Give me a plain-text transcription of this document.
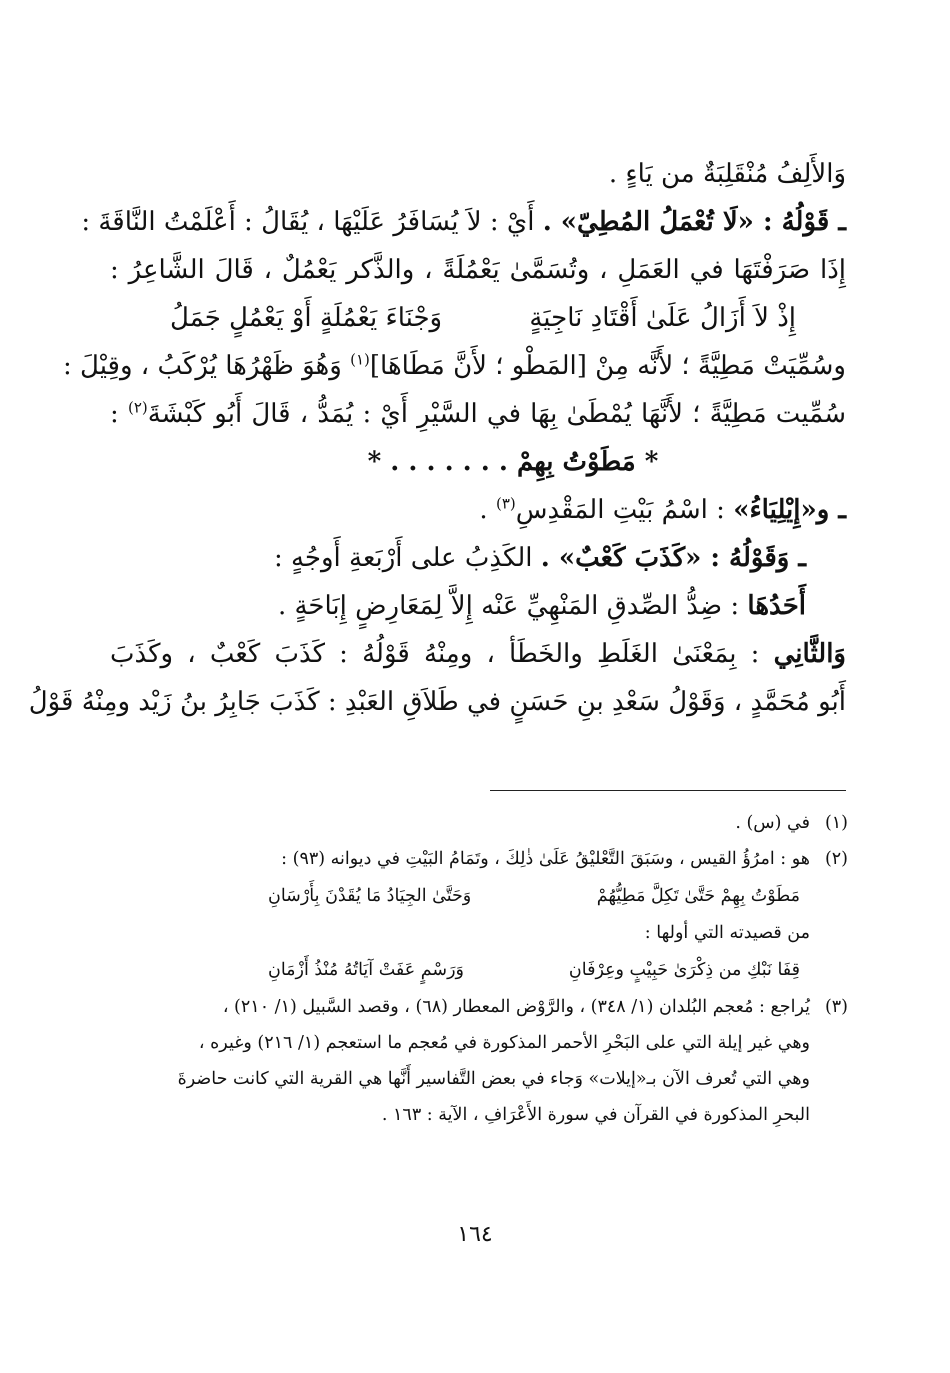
وَالأَلِفُ مُنْقَلِبَةٌ من يَاءٍ .
ـ قَوْلُهُ : «لَا تُعْمَلُ المُطِيّ» . أَيْ : لاَ يُسَافَرُ عَلَيْهَا ، يُقَالُ : أَعْلَمْتُ النَّاقَةَ :
إِذَا صَرَفْتَهَا في العَمَلِ ، وتُسَمَّىٰ يَعْمُلَةً ، والذَّكر يَعْمُلٌ ، قَالَ الشَّاعِرُ :
إِذْ لاَ أَزَالُ عَلَىٰ أَقْتَادِ نَاجِيَةٍ
وَجْنَاءَ يَعْمُلَةٍ أَوْ يَعْمُلٍ جَمَلُ
وسُمِّيَتْ مَطِيَّةً ؛ لأَنَّه مِنْ [المَطْو ؛ لأَنَّ مَطَاهَا]$^{(١)}$ وَهُوَ ظَهْرُهَا يُرْكَبُ ، وقِيْلَ :
سُمِّيت مَطِيَّةً ؛ لأَنَّهَا يُمْطَىٰ بِهَا في السَّيْرِ أَيْ : يُمَدُّ ، قَالَ أَبُو كَبْشَةَ$^{(٢)}$ :
* مَطَوْتُ بِهِمْ . . . . . . . *
ـ و«إِيْلِيَاءُ» : اسْمُ بَيْتِ المَقْدِسِ$^{(٣)}$ .
ـ وَقَوْلُهُ : «كَذَبَ كَعْبٌ» . الكَذِبُ على أَرْبَعةِ أَوجُهٍ :
أَحَدُهَا : ضِدُّ الصِّدقِ المَنْهِيِّ عَنْه إِلاَّ لِمَعَارِضٍ إِبَاحَةٍ .
وَالثَّانِي : بِمَعْنَىٰ الغَلَطِ والخَطَأ ، ومِنْهُ قَوْلُهُ : كَذَبَ كَعْبٌ ، وكَذَبَ
أَبُو مُحَمَّدٍ ، وَقَوْلُ سَعْدِ بنِ حَسَنٍ في طَلاَقِ العَبْدِ : كَذَبَ جَابِرُ بنُ زَيْد ومِنْهُ قَوْلُ
(١)
في (س) .
(٢)
هو : امرُؤُ القيس ، وسَبَقَ التَّعْليْقُ عَلَىٰ ذٰلِكَ ، وتَمَامُ البَيْتِ في ديوانه (٩٣) :
مَطَوْتُ بِهِمْ حَتَّىٰ تَكِلَّ مَطِيُّهُمْ
وَحَتَّىٰ الجِيَادُ مَا يُقَدْنَ بِأَرْسَانِ
من قصيدته التي أولها :
قِفَا نَبْكِ من ذِكْرَىٰ حَبِيْبٍ وعِرْفَانِ
وَرَسْمٍ عَفَتْ آيَاتُهُ مُنْذُ أَزْمَانِ
(٣)
يُراجع : مُعجم البُلدان (١/ ٣٤٨) ، والرَّوْض المعطار (٦٨) ، وقصد السَّبيل (١/ ٢١٠) ،
وهي غير إيلة التي على البَحْرِ الأحمر المذكورة في مُعجم ما استعجم (١/ ٢١٦) وغيره ،
وهي التي تُعرف الآن بـ«إيلات» وَجاء في بعض التَّفاسير أَنَّها هي القرية التي كانت حاضرةَ
البحرِ المذكورة في القرآن في سورة الأَعْرَافِ ، الآية : ١٦٣ .
١٦٤
